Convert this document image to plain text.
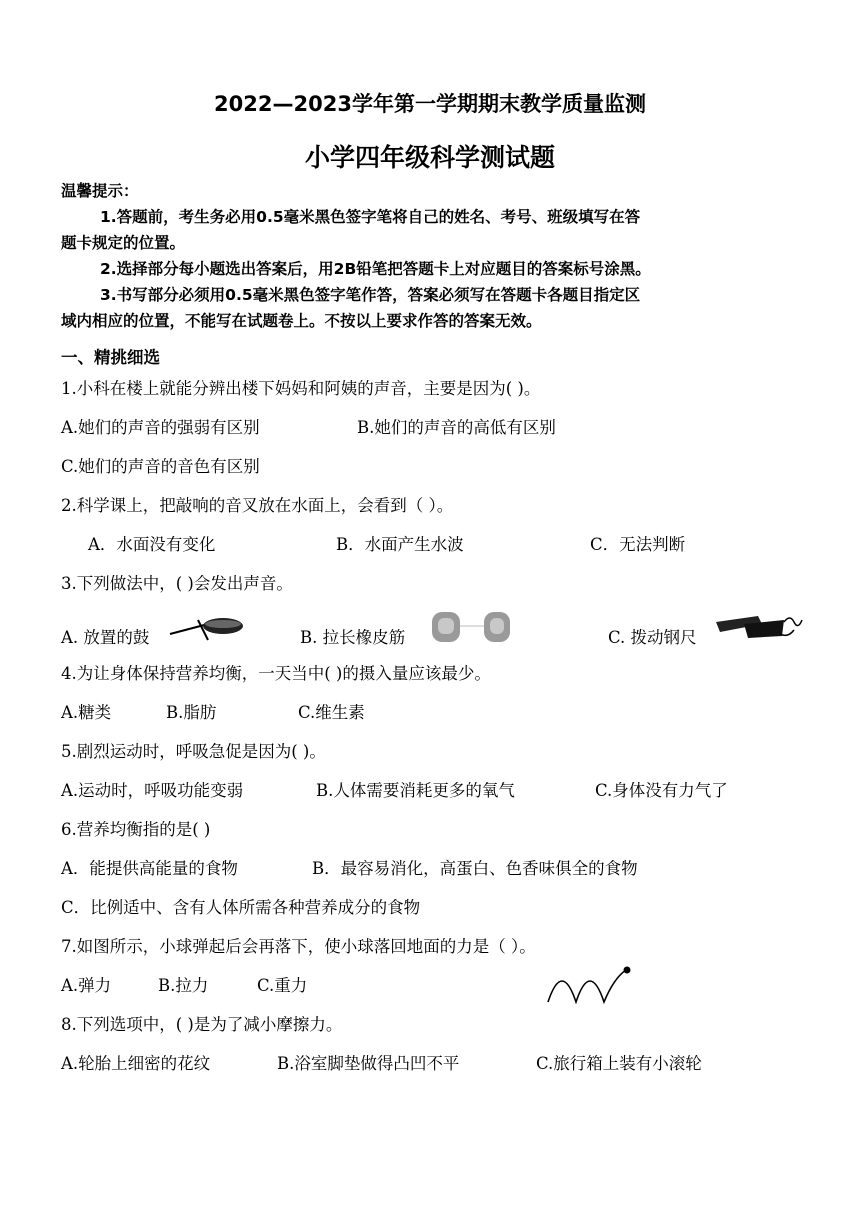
2022—2023学年第一学期期末教学质量监测
小学四年级科学测试题
温馨提示：
1.答题前，考生务必用0.5毫米黑色签字笔将自己的姓名、考号、班级填写在答
题卡规定的位置。
2.选择部分每小题选出答案后，用2B铅笔把答题卡上对应题目的答案标号涂黑。
3.书写部分必须用0.5毫米黑色签字笔作答，答案必须写在答题卡各题目指定区
域内相应的位置，不能写在试题卷上。不按以上要求作答的答案无效。
一、精挑细选
1.小科在楼上就能分辨出楼下妈妈和阿姨的声音，主要是因为( )。
A.她们的声音的强弱有区别	B.她们的声音的高低有区别
C.她们的声音的音色有区别
2.科学课上，把敲响的音叉放在水面上，会看到（ ）。
A．水面没有变化	B．水面产生水波	C．无法判断
3.下列做法中，( )会发出声音。
A. 放置的鼓	B. 拉长橡皮筋	C. 拨动钢尺
4.为让身体保持营养均衡，一天当中( )的摄入量应该最少。
A.糖类	B.脂肪	C.维生素
5.剧烈运动时，呼吸急促是因为( )。
A.运动时，呼吸功能变弱	B.人体需要消耗更多的氧气	C.身体没有力气了
6.营养均衡指的是( )
A．能提供高能量的食物	B．最容易消化，高蛋白、色香味俱全的食物
C．比例适中、含有人体所需各种营养成分的食物
7.如图所示，小球弹起后会再落下，使小球落回地面的力是（ ）。
A.弹力	B.拉力	C.重力
8.下列选项中，( )是为了减小摩擦力。
A.轮胎上细密的花纹	B.浴室脚垫做得凸凹不平	C.旅行箱上装有小滚轮
